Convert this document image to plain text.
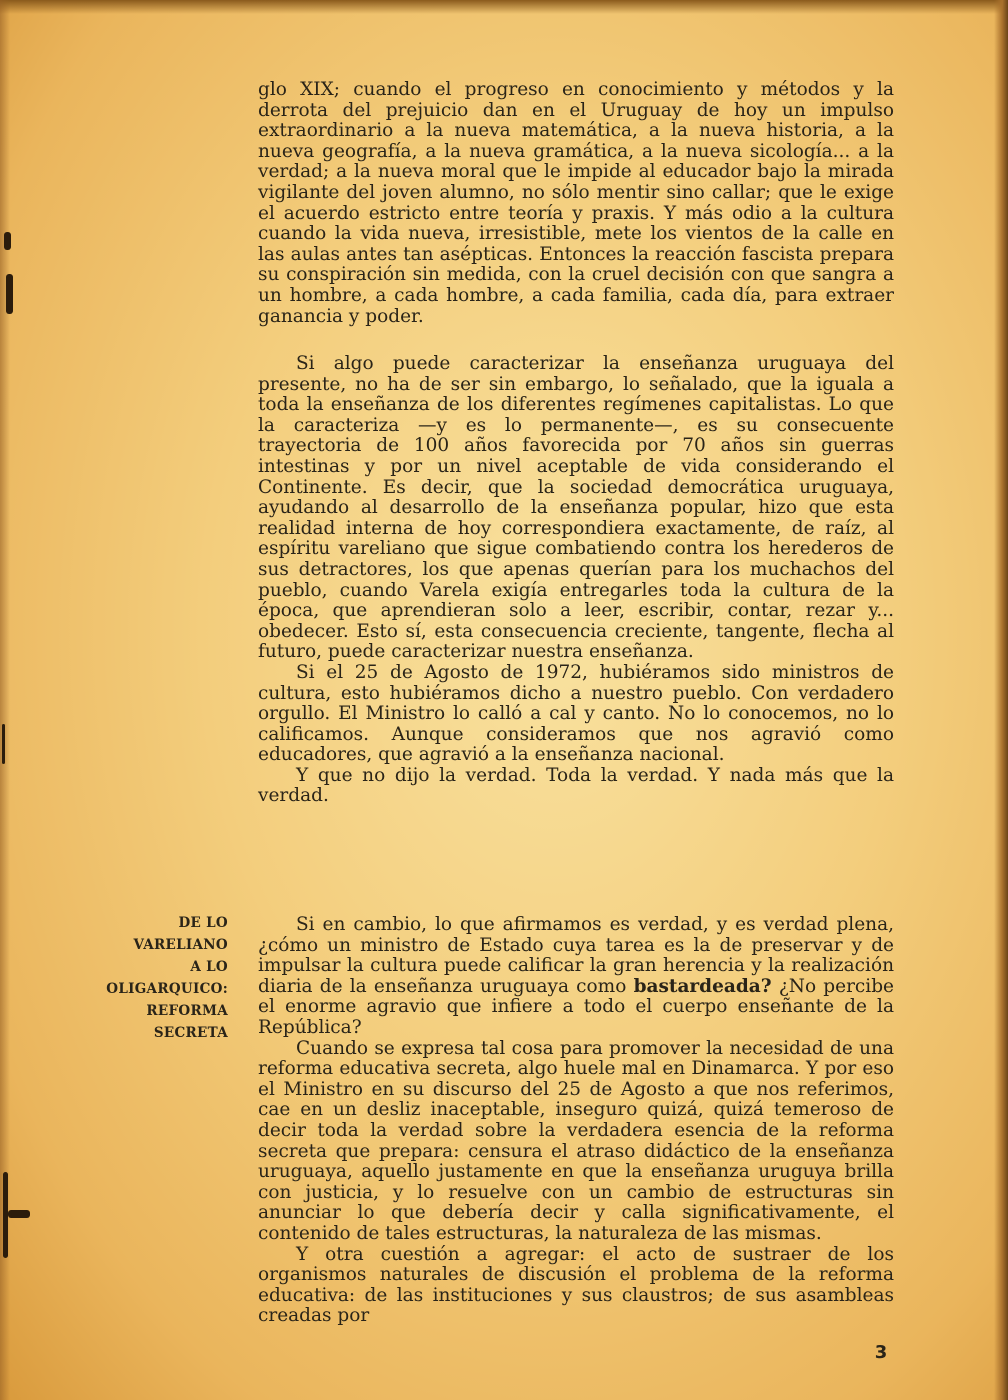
glo XIX; cuando el progreso en conocimiento y métodos y la derrota del prejuicio dan en el Uruguay de hoy un impulso extraordinario a la nueva matemática, a la nueva historia, a la nueva geografía, a la nueva gramática, a la nueva sicología... a la verdad; a la nueva moral que le impide al educador bajo la mirada vigilante del joven alumno, no sólo mentir sino callar; que le exige el acuerdo estricto entre teoría y praxis. Y más odio a la cultura cuando la vida nueva, irresistible, mete los vientos de la calle en las aulas antes tan asépticas. Entonces la reacción fascista prepara su conspiración sin medida, con la cruel decisión con que sangra a un hombre, a cada hombre, a cada familia, cada día, para extraer ganancia y poder.

Si algo puede caracterizar la enseñanza uruguaya del presente, no ha de ser sin embargo, lo señalado, que la iguala a toda la enseñanza de los diferentes regímenes capitalistas. Lo que la caracteriza —y es lo permanente—, es su consecuente trayectoria de 100 años favorecida por 70 años sin guerras intestinas y por un nivel aceptable de vida considerando el Continente. Es decir, que la sociedad democrática uruguaya, ayudando al desarrollo de la enseñanza popular, hizo que esta realidad interna de hoy correspondiera exactamente, de raíz, al espíritu vareliano que sigue combatiendo contra los herederos de sus detractores, los que apenas querían para los muchachos del pueblo, cuando Varela exigía entregarles toda la cultura de la época, que aprendieran solo a leer, escribir, contar, rezar y... obedecer. Esto sí, esta consecuencia creciente, tangente, flecha al futuro, puede caracterizar nuestra enseñanza.

Si el 25 de Agosto de 1972, hubiéramos sido ministros de cultura, esto hubiéramos dicho a nuestro pueblo. Con verdadero orgullo. El Ministro lo calló a cal y canto. No lo conocemos, no lo calificamos. Aunque consideramos que nos agravió como educadores, que agravió a la enseñanza nacional.

Y que no dijo la verdad. Toda la verdad. Y nada más que la verdad.

DE LO
VARELIANO
A LO
OLIGARQUICO:
REFORMA
SECRETA

Si en cambio, lo que afirmamos es verdad, y es verdad plena, ¿cómo un ministro de Estado cuya tarea es la de preservar y de impulsar la cultura puede calificar la gran herencia y la realización diaria de la enseñanza uruguaya como bastardeada? ¿No percibe el enorme agravio que infiere a todo el cuerpo enseñante de la República?

Cuando se expresa tal cosa para promover la necesidad de una reforma educativa secreta, algo huele mal en Dinamarca. Y por eso el Ministro en su discurso del 25 de Agosto a que nos referimos, cae en un desliz inaceptable, inseguro quizá, quizá temeroso de decir toda la verdad sobre la verdadera esencia de la reforma secreta que prepara: censura el atraso didáctico de la enseñanza uruguaya, aquello justamente en que la enseñanza uruguya brilla con justicia, y lo resuelve con un cambio de estructuras sin anunciar lo que debería decir y calla significativamente, el contenido de tales estructuras, la naturaleza de las mismas.

Y otra cuestión a agregar: el acto de sustraer de los organismos naturales de discusión el problema de la reforma educativa: de las instituciones y sus claustros; de sus asambleas creadas por

3
